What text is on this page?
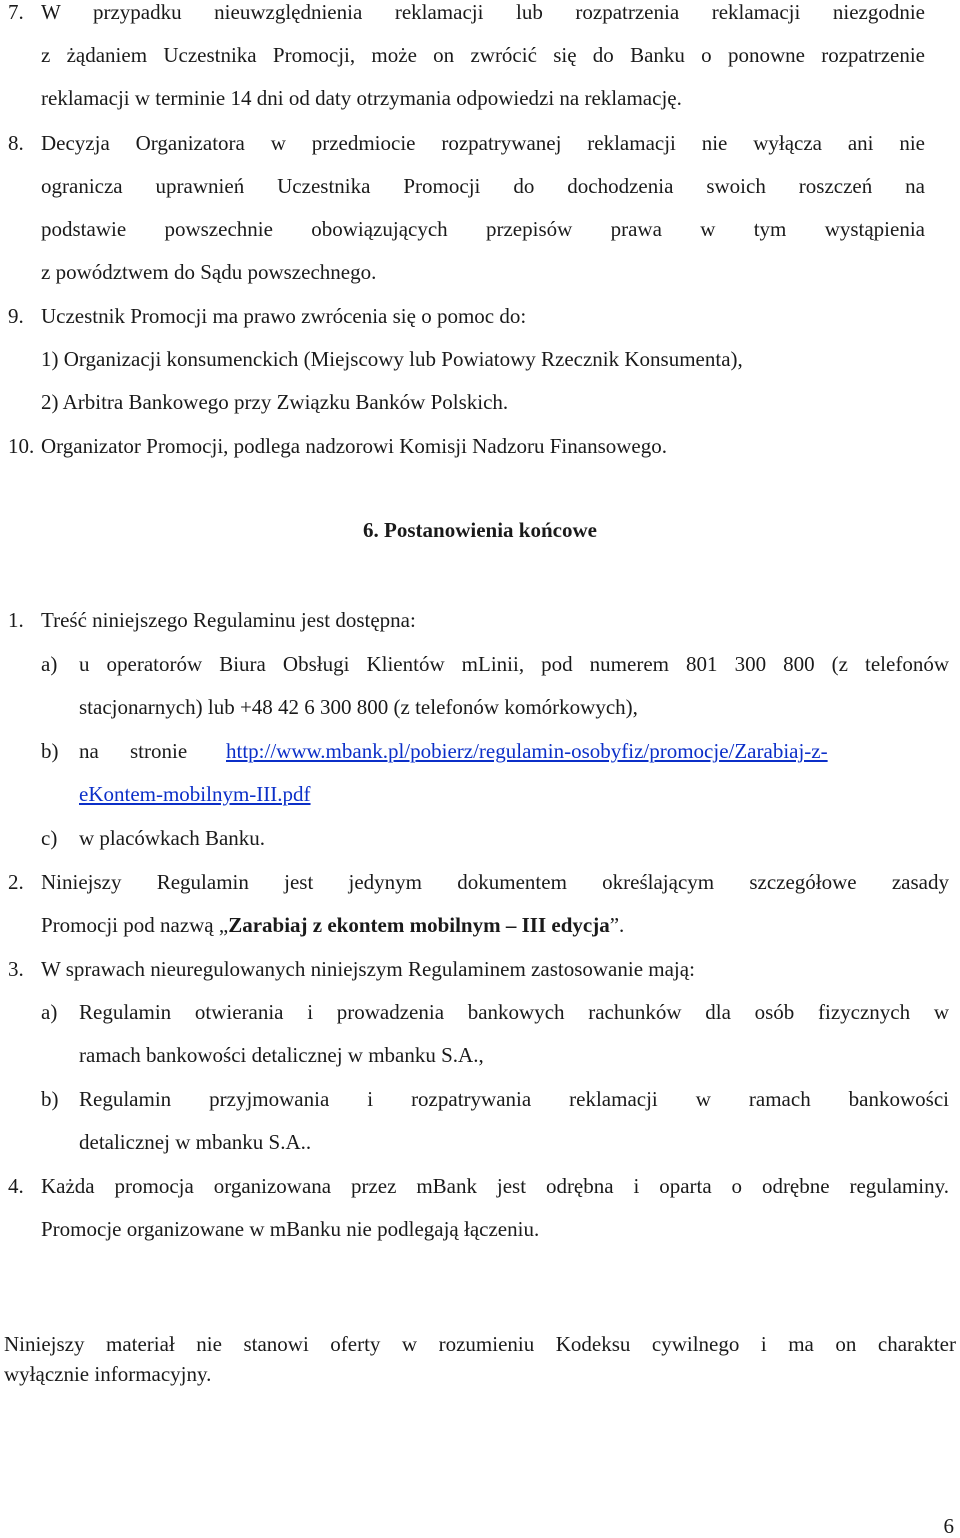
7. W przypadku nieuwzględnienia reklamacji lub rozpatrzenia reklamacji niezgodnie
z żądaniem Uczestnika Promocji, może on zwrócić się do Banku o ponowne rozpatrzenie
reklamacji w terminie 14 dni od daty otrzymania odpowiedzi na reklamację.
8. Decyzja Organizatora w przedmiocie rozpatrywanej reklamacji nie wyłącza ani nie
ogranicza uprawnień Uczestnika Promocji do dochodzenia swoich roszczeń na
podstawie powszechnie obowiązujących przepisów prawa w tym wystąpienia
z powództwem do Sądu powszechnego.
9. Uczestnik Promocji ma prawo zwrócenia się o pomoc do:
1) Organizacji konsumenckich (Miejscowy lub Powiatowy Rzecznik Konsumenta),
2) Arbitra Bankowego przy Związku Banków Polskich.
10. Organizator Promocji, podlega nadzorowi Komisji Nadzoru Finansowego.
6. Postanowienia końcowe
1. Treść niniejszego Regulaminu jest dostępna:
a) u operatorów Biura Obsługi Klientów mLinii, pod numerem 801 300 800 (z telefonów
stacjonarnych) lub +48 42 6 300 800 (z telefonów komórkowych),
b) na stronie http://www.mbank.pl/pobierz/regulamin-osobyfiz/promocje/Zarabiaj-z-
eKontem-mobilnym-III.pdf
c) w placówkach Banku.
2. Niniejszy Regulamin jest jedynym dokumentem określającym szczegółowe zasady
Promocji pod nazwą „Zarabiaj z ekontem mobilnym – III edycja”.
3. W sprawach nieuregulowanych niniejszym Regulaminem zastosowanie mają:
a) Regulamin otwierania i prowadzenia bankowych rachunków dla osób fizycznych w
ramach bankowości detalicznej w mbanku S.A.,
b) Regulamin przyjmowania i rozpatrywania reklamacji w ramach bankowości
detalicznej w mbanku S.A..
4. Każda promocja organizowana przez mBank jest odrębna i oparta o odrębne regulaminy.
Promocje organizowane w mBanku nie podlegają łączeniu.
Niniejszy materiał nie stanowi oferty w rozumieniu Kodeksu cywilnego i ma on charakter
wyłącznie informacyjny.
6
